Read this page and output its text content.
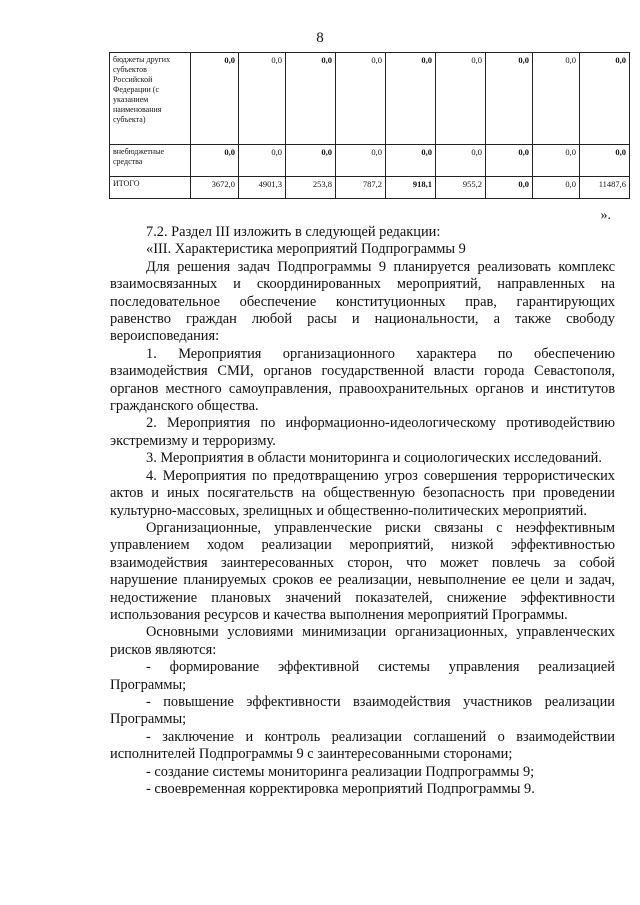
8
бюджеты других субъектов Российской Федерации (с указанием наименования субъекта)	0,0	0,0	0,0	0,0	0,0	0,0	0,0	0,0	0,0
внебюджетные средства	0,0	0,0	0,0	0,0	0,0	0,0	0,0	0,0	0,0
ИТОГО	3672,0	4901,3	253,8	787,2	918,1	955,2	0,0	0,0	11487,6
».

7.2. Раздел III изложить в следующей редакции:

«III. Характеристика мероприятий Подпрограммы 9

Для решения задач Подпрограммы 9 планируется реализовать комплекс взаимосвязанных и скоординированных мероприятий, направленных на последовательное обеспечение конституционных прав, гарантирующих равенство граждан любой расы и национальности, а также свободу вероисповедания:

1. Мероприятия организационного характера по обеспечению взаимодействия СМИ, органов государственной власти города Севастополя, органов местного самоуправления, правоохранительных органов и институтов гражданского общества.

2. Мероприятия по информационно-идеологическому противодействию экстремизму и терроризму.

3. Мероприятия в области мониторинга и социологических исследований.

4. Мероприятия по предотвращению угроз совершения террористических актов и иных посягательств на общественную безопасность при проведении культурно-массовых, зрелищных и общественно-политических мероприятий.

Организационные, управленческие риски связаны с неэффективным управлением ходом реализации мероприятий, низкой эффективностью взаимодействия заинтересованных сторон, что может повлечь за собой нарушение планируемых сроков ее реализации, невыполнение ее цели и задач, недостижение плановых значений показателей, снижение эффективности использования ресурсов и качества выполнения мероприятий Программы.

Основными условиями минимизации организационных, управленческих рисков являются:

- формирование эффективной системы управления реализацией Программы;

- повышение эффективности взаимодействия участников реализации Программы;

- заключение и контроль реализации соглашений о взаимодействии исполнителей Подпрограммы 9 с заинтересованными сторонами;

- создание системы мониторинга реализации Подпрограммы 9;

- своевременная корректировка мероприятий Подпрограммы 9.
